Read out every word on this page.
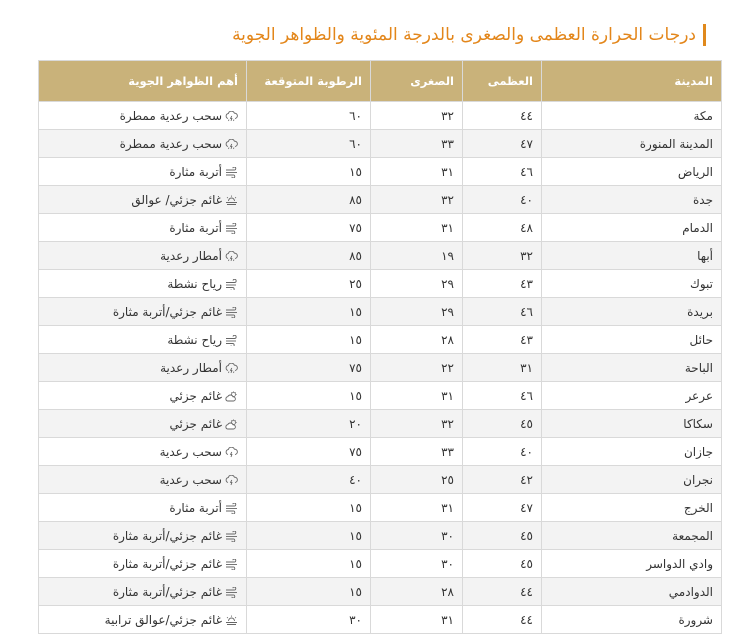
درجات الحرارة العظمى والصغرى بالدرجة المئوية والظواهر الجوية
المدينة	العظمى	الصغرى	الرطوبة المتوقعة	أهم الظواهر الجوية
مكة	٤٤	٣٢	٦٠	سحب رعدية ممطرة
المدينة المنورة	٤٧	٣٣	٦٠	سحب رعدية ممطرة
الرياض	٤٦	٣١	١٥	أتربة مثارة
جدة	٤٠	٣٢	٨٥	غائم جزئي/ عوالق
الدمام	٤٨	٣١	٧٥	أتربة مثارة
أبها	٣٢	١٩	٨٥	أمطار رعدية
تبوك	٤٣	٢٩	٢٥	رياح نشطة
بريدة	٤٦	٢٩	١٥	غائم جزئي/أتربة مثارة
حائل	٤٣	٢٨	١٥	رياح نشطة
الباحة	٣١	٢٢	٧٥	أمطار رعدية
عرعر	٤٦	٣١	١٥	غائم جزئي
سكاكا	٤٥	٣٢	٢٠	غائم جزئي
جازان	٤٠	٣٣	٧٥	سحب رعدية
نجران	٤٢	٢٥	٤٠	سحب رعدية
الخرج	٤٧	٣١	١٥	أتربة مثارة
المجمعة	٤٥	٣٠	١٥	غائم جزئي/أتربة مثارة
وادي الدواسر	٤٥	٣٠	١٥	غائم جزئي/أتربة مثارة
الدوادمي	٤٤	٢٨	١٥	غائم جزئي/أتربة مثارة
شرورة	٤٤	٣١	٣٠	غائم جزئي/عوالق ترابية
